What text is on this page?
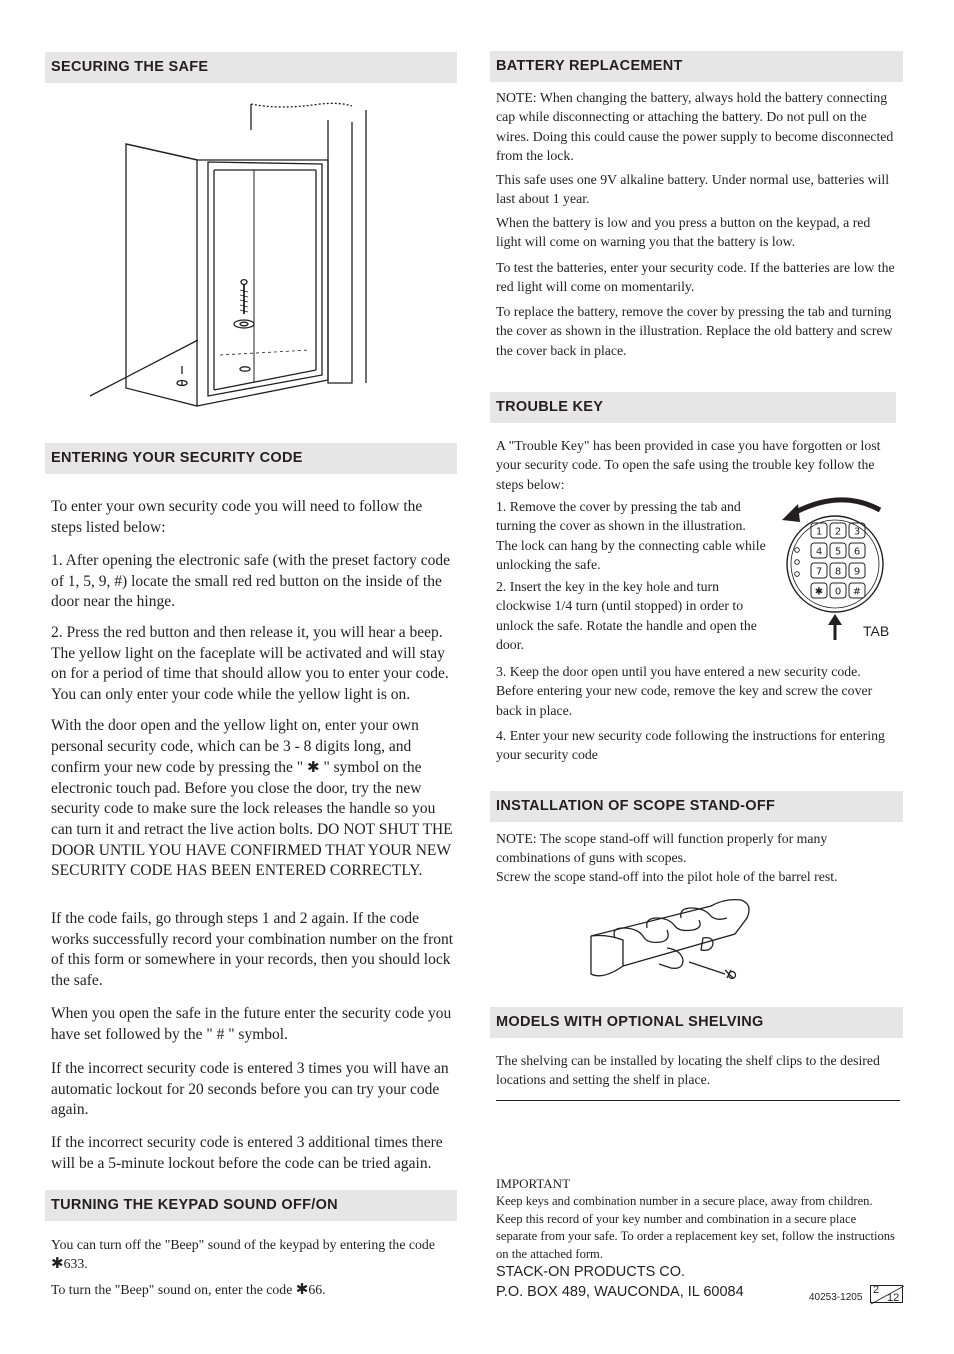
SECURING THE SAFE
ENTERING YOUR SECURITY CODE

To enter your own security code you will need to follow the steps listed below:

1. After opening the electronic safe (with the preset factory code of 1, 5, 9, #) locate the small red red button on the inside of the door near the hinge.

2. Press the red button and then release it, you will hear a beep. The yellow light on the faceplate will be activated and will stay on for a period of time that should allow you to enter your code. You can only enter your code while the yellow light is on.

With the door open and the yellow light on, enter your own personal security code, which can be 3 - 8 digits long, and confirm your new code by pressing the " ✱ " symbol on the electronic touch pad. Before you close the door, try the new security code to make sure the lock releases the handle so you can turn it and retract the live action bolts. DO NOT SHUT THE DOOR UNTIL YOU HAVE CONFIRMED THAT YOUR NEW SECURITY CODE HAS BEEN ENTERED CORRECTLY.

If the code fails, go through steps 1 and 2 again. If the code works successfully record your combination number on the front of this form or somewhere in your records, then you should lock the safe.

When you open the safe in the future enter the security code you have set followed by the " # " symbol.

If the incorrect security code is entered 3 times you will have an automatic lockout for 20 seconds before you can try your code again.

If the incorrect security code is entered 3 additional times there will be a 5-minute lockout before the code can be tried again.

TURNING THE KEYPAD SOUND OFF/ON

You can turn off the "Beep" sound of the keypad by entering the code ✱633.

To turn the "Beep" sound on, enter the code ✱66.

BATTERY REPLACEMENT

NOTE: When changing the battery, always hold the battery connecting cap while disconnecting or attaching the battery. Do not pull on the wires. Doing this could cause the power supply to become disconnected from the lock.

This safe uses one 9V alkaline battery. Under normal use, batteries will last about 1 year.

When the battery is low and you press a button on the keypad, a red light will come on warning you that the battery is low.

To test the batteries, enter your security code. If the batteries are low the red light will come on momentarily.

To replace the battery, remove the cover by pressing the tab and turning the cover as shown in the illustration. Replace the old battery and screw the cover back in place.

TROUBLE KEY

A "Trouble Key" has been provided in case you have forgotten or lost your security code. To open the safe using the trouble key follow the steps below:

1. Remove the cover by pressing the tab and turning the cover as shown in the illustration. The lock can hang by the connecting cable while unlocking the safe.

2. Insert the key in the key hole and turn clockwise 1/4 turn (until stopped) in order to unlock the safe. Rotate the handle and open the door.

1 2 3
4 5 6
7 8 9
✱ 0 #
TAB

3. Keep the door open until you have entered a new security code. Before entering your new code, remove the key and screw the cover back in place.

4. Enter your new security code following the instructions for entering your security code

INSTALLATION OF SCOPE STAND-OFF

NOTE: The scope stand-off will function properly for many combinations of guns with scopes.

Screw the scope stand-off into the pilot hole of the barrel rest.

MODELS WITH OPTIONAL SHELVING

The shelving can be installed by locating the shelf clips to the desired locations and setting the shelf in place.

IMPORTANT

Keep keys and combination number in a secure place, away from children. Keep this record of your key number and combination in a secure place separate from your safe. To order a replacement key set, follow the instructions on the attached form.

STACK-ON PRODUCTS CO.
P.O. BOX 489, WAUCONDA, IL 60084	40253-1205
2
12
